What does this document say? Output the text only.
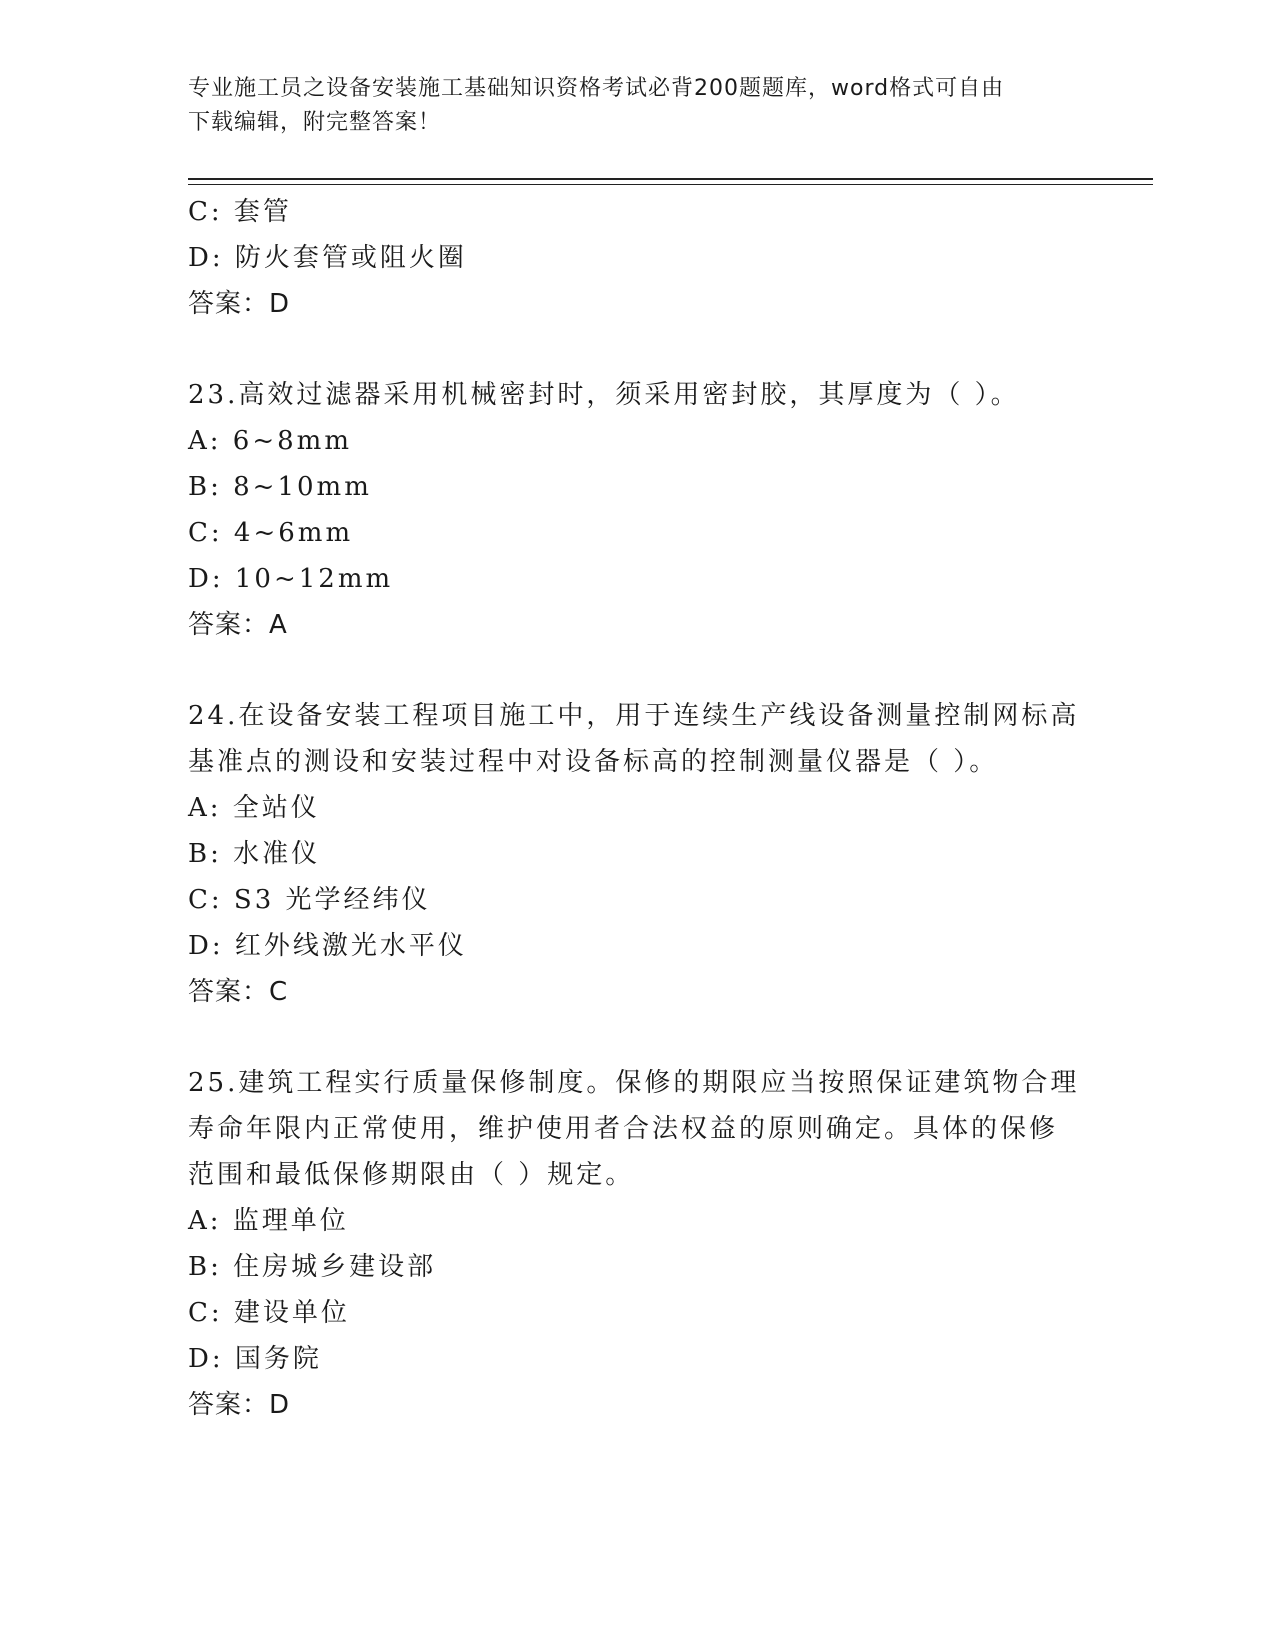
专业施工员之设备安装施工基础知识资格考试必背200题题库，word格式可自由
下载编辑，附完整答案！
C: 套管
D: 防火套管或阻火圈
答案：D
23.高效过滤器采用机械密封时，须采用密封胶，其厚度为（ ）。
A: 6~8mm
B: 8~10mm
C: 4~6mm
D: 10~12mm
答案：A
24.在设备安装工程项目施工中，用于连续生产线设备测量控制网标高
基准点的测设和安装过程中对设备标高的控制测量仪器是（ ）。
A: 全站仪
B: 水准仪
C: S3 光学经纬仪
D: 红外线激光水平仪
答案：C
25.建筑工程实行质量保修制度。保修的期限应当按照保证建筑物合理
寿命年限内正常使用，维护使用者合法权益的原则确定。具体的保修
范围和最低保修期限由（ ）规定。
A: 监理单位
B: 住房城乡建设部
C: 建设单位
D: 国务院
答案：D
